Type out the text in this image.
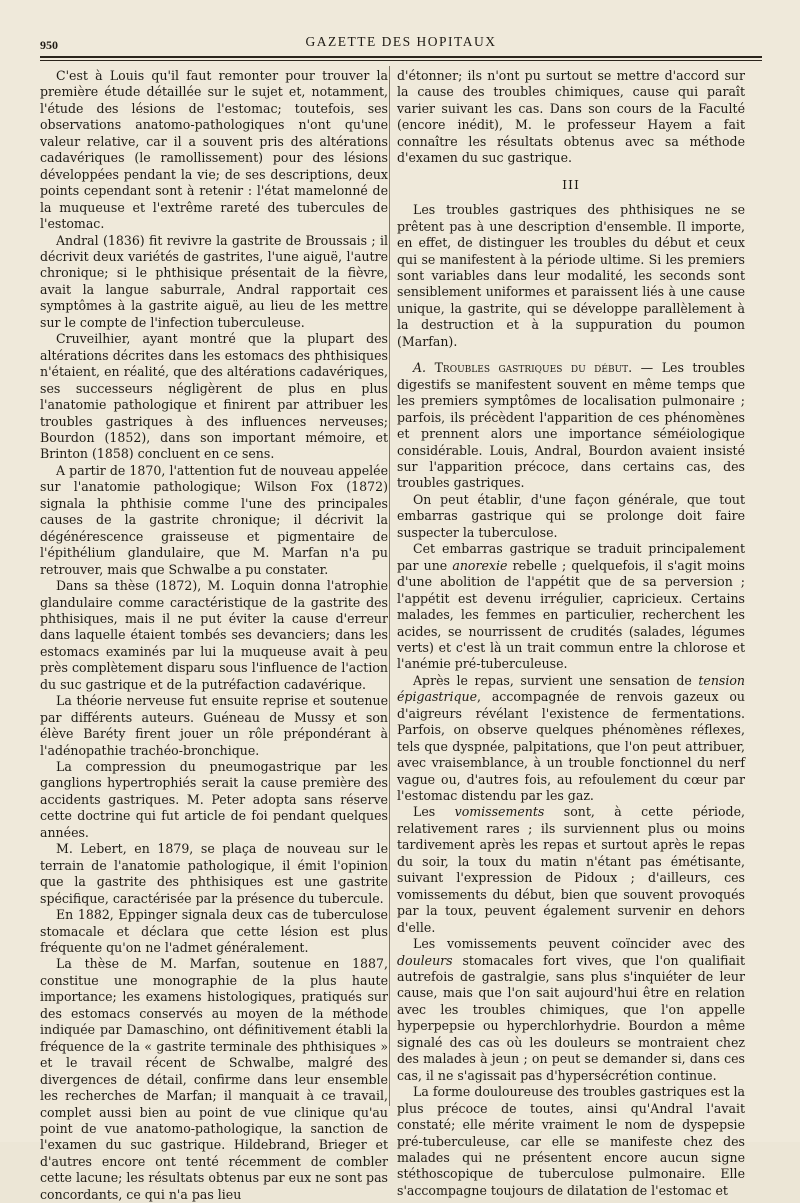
950	GAZETTE DES HOPITAUX

C'est à Louis qu'il faut remonter pour trouver la première étude détaillée sur le sujet et, notamment, l'étude des lésions de l'estomac; toutefois, ses observations anatomo-pathologiques n'ont qu'une valeur relative, car il a souvent pris des altérations cadavériques (le ramollissement) pour des lésions développées pendant la vie; de ses descriptions, deux points cependant sont à retenir : l'état mamelonné de la muqueuse et l'extrême rareté des tubercules de l'estomac.

Andral (1836) fit revivre la gastrite de Broussais ; il décrivit deux variétés de gastrites, l'une aiguë, l'autre chronique; si le phthisique présentait de la fièvre, avait la langue saburrale, Andral rapportait ces symptômes à la gastrite aiguë, au lieu de les mettre sur le compte de l'infection tuberculeuse.

Cruveilhier, ayant montré que la plupart des altérations décrites dans les estomacs des phthisiques n'étaient, en réalité, que des altérations cadavériques, ses successeurs négligèrent de plus en plus l'anatomie pathologique et finirent par attribuer les troubles gastriques à des influences nerveuses; Bourdon (1852), dans son important mémoire, et Brinton (1858) concluent en ce sens.

A partir de 1870, l'attention fut de nouveau appelée sur l'anatomie pathologique; Wilson Fox (1872) signala la phthisie comme l'une des principales causes de la gastrite chronique; il décrivit la dégénérescence graisseuse et pigmentaire de l'épithélium glandulaire, que M. Marfan n'a pu retrouver, mais que Schwalbe a pu constater.

Dans sa thèse (1872), M. Loquin donna l'atrophie glandulaire comme caractéristique de la gastrite des phthisiques, mais il ne put éviter la cause d'erreur dans laquelle étaient tombés ses devanciers; dans les estomacs examinés par lui la muqueuse avait à peu près complètement disparu sous l'influence de l'action du suc gastrique et de la putréfaction cadavérique.

La théorie nerveuse fut ensuite reprise et soutenue par différents auteurs. Guéneau de Mussy et son élève Baréty firent jouer un rôle prépondérant à l'adénopathie trachéo-bronchique.

La compression du pneumogastrique par les ganglions hypertrophiés serait la cause première des accidents gastriques. M. Peter adopta sans réserve cette doctrine qui fut article de foi pendant quelques années.

M. Lebert, en 1879, se plaça de nouveau sur le terrain de l'anatomie pathologique, il émit l'opinion que la gastrite des phthisiques est une gastrite spécifique, caractérisée par la présence du tubercule.

En 1882, Eppinger signala deux cas de tuberculose stomacale et déclara que cette lésion est plus fréquente qu'on ne l'admet généralement.

La thèse de M. Marfan, soutenue en 1887, constitue une monographie de la plus haute importance; les examens histologiques, pratiqués sur des estomacs conservés au moyen de la méthode indiquée par Damaschino, ont définitivement établi la fréquence de la « gastrite terminale des phthisiques » et le travail récent de Schwalbe, malgré des divergences de détail, confirme dans leur ensemble les recherches de Marfan; il manquait à ce travail, complet aussi bien au point de vue clinique qu'au point de vue anatomo-pathologique, la sanction de l'examen du suc gastrique. Hildebrand, Brieger et d'autres encore ont tenté récemment de combler cette lacune; les résultats obtenus par eux ne sont pas concordants, ce qui n'a pas lieu

d'étonner; ils n'ont pu surtout se mettre d'accord sur la cause des troubles chimiques, cause qui paraît varier suivant les cas. Dans son cours de la Faculté (encore inédit), M. le professeur Hayem a fait connaître les résultats obtenus avec sa méthode d'examen du suc gastrique.

III

Les troubles gastriques des phthisiques ne se prêtent pas à une description d'ensemble. Il importe, en effet, de distinguer les troubles du début et ceux qui se manifestent à la période ultime. Si les premiers sont variables dans leur modalité, les seconds sont sensiblement uniformes et paraissent liés à une cause unique, la gastrite, qui se développe parallèlement à la destruction et à la suppuration du poumon (Marfan).

A. Troubles gastriques du début. — Les troubles digestifs se manifestent souvent en même temps que les premiers symptômes de localisation pulmonaire ; parfois, ils précèdent l'apparition de ces phénomènes et prennent alors une importance séméiologique considérable. Louis, Andral, Bourdon avaient insisté sur l'apparition précoce, dans certains cas, des troubles gastriques.

On peut établir, d'une façon générale, que tout embarras gastrique qui se prolonge doit faire suspecter la tuberculose.

Cet embarras gastrique se traduit principalement par une anorexie rebelle ; quelquefois, il s'agit moins d'une abolition de l'appétit que de sa perversion ; l'appétit est devenu irrégulier, capricieux. Certains malades, les femmes en particulier, recherchent les acides, se nourrissent de crudités (salades, légumes verts) et c'est là un trait commun entre la chlorose et l'anémie pré-tuberculeuse.

Après le repas, survient une sensation de tension épigastrique, accompagnée de renvois gazeux ou d'aigreurs révélant l'existence de fermentations. Parfois, on observe quelques phénomènes réflexes, tels que dyspnée, palpitations, que l'on peut attribuer, avec vraisemblance, à un trouble fonctionnel du nerf vague ou, d'autres fois, au refoulement du cœur par l'estomac distendu par les gaz.

Les vomissements sont, à cette période, relativement rares ; ils surviennent plus ou moins tardivement après les repas et surtout après le repas du soir, la toux du matin n'étant pas émétisante, suivant l'expression de Pidoux ; d'ailleurs, ces vomissements du début, bien que souvent provoqués par la toux, peuvent également survenir en dehors d'elle.

Les vomissements peuvent coïncider avec des douleurs stomacales fort vives, que l'on qualifiait autrefois de gastralgie, sans plus s'inquiéter de leur cause, mais que l'on sait aujourd'hui être en relation avec les troubles chimiques, que l'on appelle hyperpepsie ou hyperchlorhydrie. Bourdon a même signalé des cas où les douleurs se montraient chez des malades à jeun ; on peut se demander si, dans ces cas, il ne s'agissait pas d'hypersécrétion continue.

La forme douloureuse des troubles gastriques est la plus précoce de toutes, ainsi qu'Andral l'avait constaté; elle mérite vraiment le nom de dyspepsie pré-tuberculeuse, car elle se manifeste chez des malades qui ne présentent encore aucun signe stéthoscopique de tuberculose pulmonaire. Elle s'accompagne toujours de dilatation de l'estomac et
